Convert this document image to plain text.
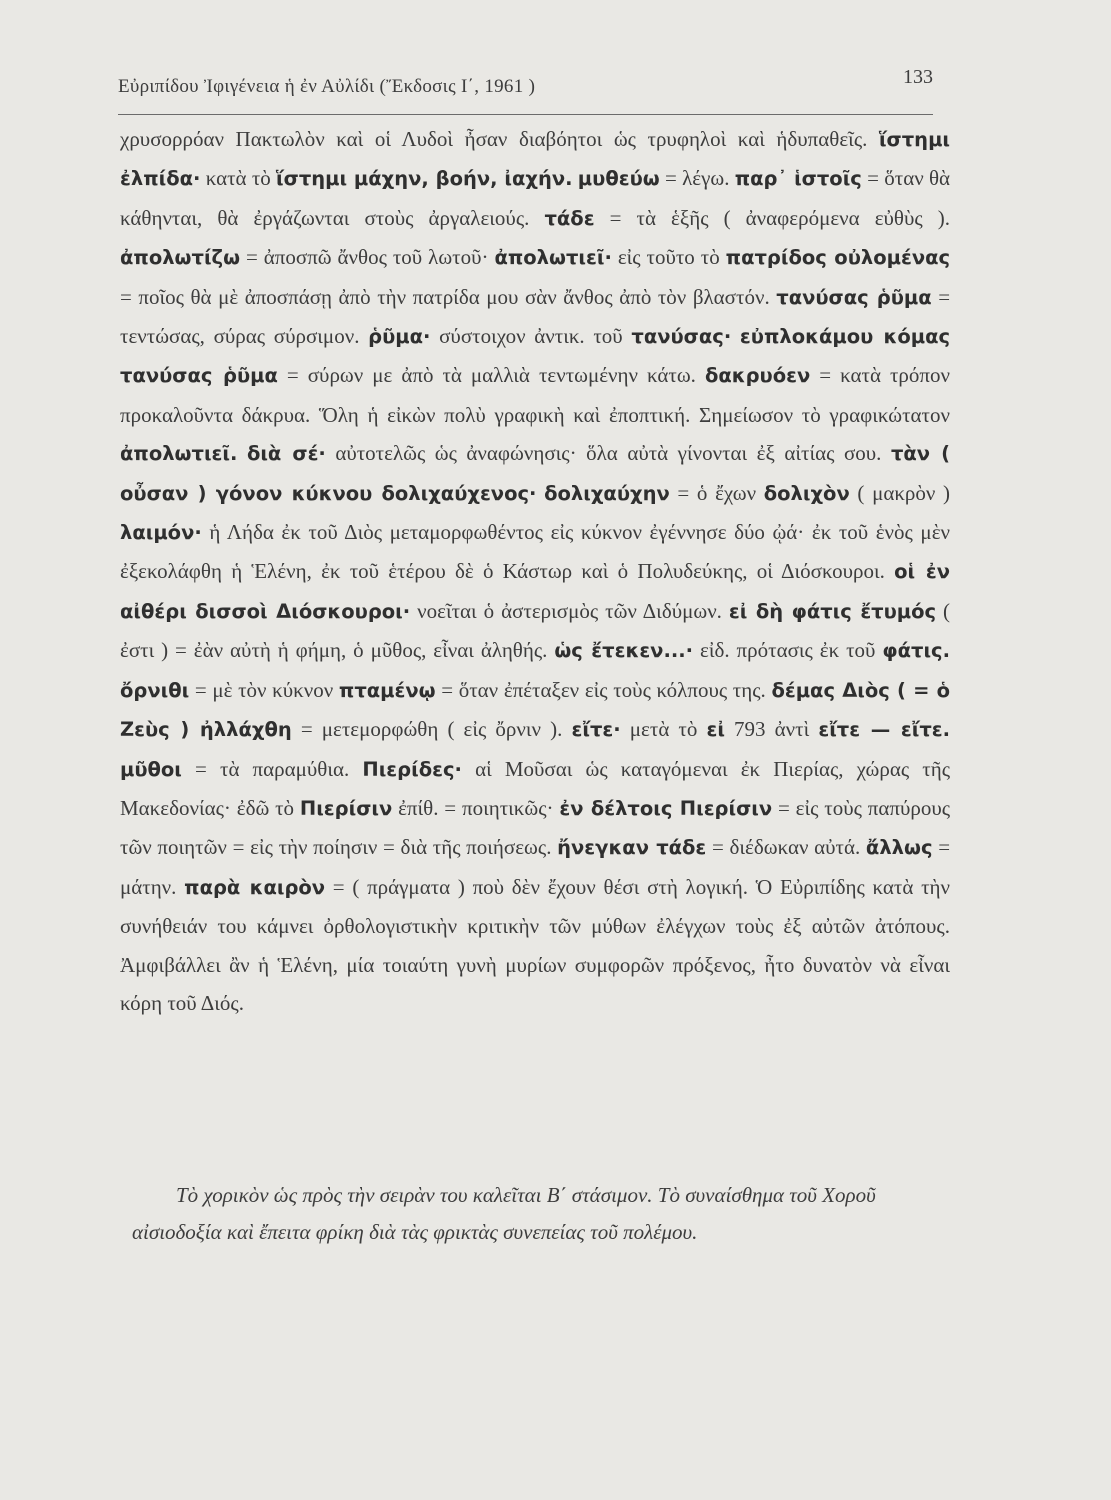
Εὐριπίδου Ἰφιγένεια ἡ ἐν Αὐλίδι (Ἔκδοσις Ι΄, 1961 )	133

χρυσορρόαν Πακτωλὸν καὶ οἱ Λυδοὶ ἦσαν διαβόητοι ὡς τρυφηλοὶ καὶ ἡδυπαθεῖς. ἵστημι ἐλπίδα· κατὰ τὸ ἵστημι μάχην, βοήν, ἰαχήν. μυθεύω = λέγω. παρ᾿ ἱστοῖς = ὅταν θὰ κάθηνται, θὰ ἐργάζωνται στοὺς ἀργαλειούς. τάδε = τὰ ἑξῆς ( ἀναφερόμενα εὐθὺς ). ἀπολωτίζω = ἀποσπῶ ἄνθος τοῦ λωτοῦ· ἀπολωτιεῖ· εἰς τοῦτο τὸ πατρίδος οὐλομένας = ποῖος θὰ μὲ ἀποσπάσῃ ἀπὸ τὴν πατρίδα μου σὰν ἄνθος ἀπὸ τὸν βλαστόν. τανύσας ῥῦμα = τεντώσας, σύρας σύρσιμον. ῥῦμα· σύστοιχον ἀντικ. τοῦ τανύσας· εὐπλοκάμου κόμας τανύσας ῥῦμα = σύρων με ἀπὸ τὰ μαλλιὰ τεντωμένην κάτω. δακρυόεν = κατὰ τρόπον προκαλοῦντα δάκρυα. Ὅλη ἡ εἰκὼν πολὺ γραφικὴ καὶ ἐποπτική. Σημείωσον τὸ γραφικώτατον ἀπολωτιεῖ. διὰ σέ· αὐτοτελῶς ὡς ἀναφώνησις· ὅλα αὐτὰ γίνονται ἐξ αἰτίας σου. τὰν ( οὖσαν ) γόνον κύκνου δολιχαύχενος· δολιχαύχην = ὁ ἔχων δολιχὸν ( μακρὸν ) λαιμόν· ἡ Λήδα ἐκ τοῦ Διὸς μεταμορφωθέντος εἰς κύκνον ἐγέννησε δύο ᾠά· ἐκ τοῦ ἑνὸς μὲν ἐξεκολάφθη ἡ Ἑλένη, ἐκ τοῦ ἑτέρου δὲ ὁ Κάστωρ καὶ ὁ Πολυδεύκης, οἱ Διόσκουροι. οἱ ἐν αἰθέρι δισσοὶ Διόσκουροι· νοεῖται ὁ ἀστερισμὸς τῶν Διδύμων. εἰ δὴ φάτις ἔτυμός ( ἐστι ) = ἐὰν αὐτὴ ἡ φήμη, ὁ μῦθος, εἶναι ἀληθής. ὡς ἔτεκεν...· εἰδ. πρότασις ἐκ τοῦ φάτις. ὄρνιθι = μὲ τὸν κύκνον πταμένῳ = ὅταν ἐπέταξεν εἰς τοὺς κόλπους της. δέμας Διὸς ( = ὁ Ζεὺς ) ἠλλάχθη = μετεμορφώθη ( εἰς ὄρνιν ). εἴτε· μετὰ τὸ εἰ 793 ἀντὶ εἴτε — εἴτε. μῦθοι = τὰ παραμύθια. Πιερίδες· αἱ Μοῦσαι ὡς καταγόμεναι ἐκ Πιερίας, χώρας τῆς Μακεδονίας· ἐδῶ τὸ Πιερίσιν ἐπίθ. = ποιητικῶς· ἐν δέλτοις Πιερίσιν = εἰς τοὺς παπύρους τῶν ποιητῶν = εἰς τὴν ποίησιν = διὰ τῆς ποιήσεως. ἤνεγκαν τάδε = διέδωκαν αὐτά. ἄλλως = μάτην. παρὰ καιρὸν = ( πράγματα ) ποὺ δὲν ἔχουν θέσι στὴ λογική. Ὁ Εὐριπίδης κατὰ τὴν συνήθειάν του κάμνει ὀρθολογιστικὴν κριτικὴν τῶν μύθων ἐλέγχων τοὺς ἐξ αὐτῶν ἀτόπους. Ἀμφιβάλλει ἂν ἡ Ἑλένη, μία τοιαύτη γυνὴ μυρίων συμφορῶν πρόξενος, ἦτο δυνατὸν νὰ εἶναι κόρη τοῦ Διός.

Τὸ χορικὸν ὡς πρὸς τὴν σειρὰν του καλεῖται Β΄ στάσιμον. Τὸ συναίσθημα τοῦ Χοροῦ αἰσιοδοξία καὶ ἔπειτα φρίκη διὰ τὰς φρικτὰς συνεπείας τοῦ πολέμου.
